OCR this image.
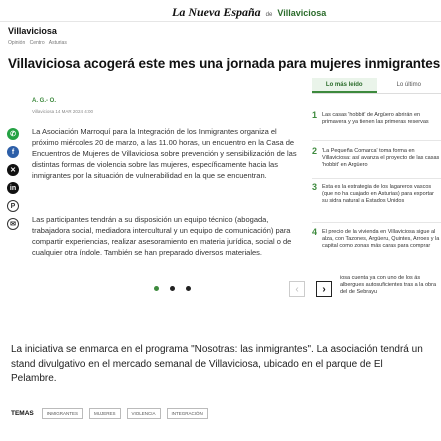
La Nueva España de Villaviciosa
Villaviciosa
Opinión Centro Asturias
Villaviciosa acogerá este mes una jornada para mujeres inmigrantes
A. G.- O.
Villaviciosa 14 MAR 2024 4:00
✆
f
✕
in
P
✉

La Asociación Marroquí para la Integración de los Inmigrantes organiza el próximo miércoles 20 de marzo, a las 11.00 horas, un encuentro en la Casa de Encuentros de Mujeres de Villaviciosa sobre prevención y sensibilización de las distintas formas de violencia sobre las mujeres, específicamente hacia las inmigrantes por la situación de vulnerabilidad en la que se encuentran.

Las participantes tendrán a su disposición un equipo técnico (abogada, trabajadora social, mediadora intercultural y un equipo de comunicación) para compartir experiencias, realizar asesoramiento en materia jurídica, social o de cualquier otra índole. También se han preparado diversos materiales.

‹ ›
Lo más leído	Lo último
1 Las casas 'hobbit' de Argüero abrirán en primavera y ya tienen las primeras reservas
2 'La Pequeña Comarca' toma forma en Villaviciosa: así avanza el proyecto de las casas 'hobbit' en Argüero
3 Esta es la estrategia de los lagareros vascos (que no ha cuajado en Asturias) para exportar su sidra natural a Estados Unidos
4 El precio de la vivienda en Villaviciosa sigue al alza, con Tazones, Argüeru, Quintes, Arroes y la capital como zonas más caras para comprar
iosa cuenta ya con uno de los ás albergues autosuficientes tras a la obra del de Sebrayu

La iniciativa se enmarca en el programa "Nosotras: las inmigrantes". La asociación tendrá un stand divulgativo en el mercado semanal de Villaviciosa, ubicado en el parque de El Pelambre.

TEMAS	INMIGRANTES	MUJERES	VIOLENCIA	INTEGRACIÓN
